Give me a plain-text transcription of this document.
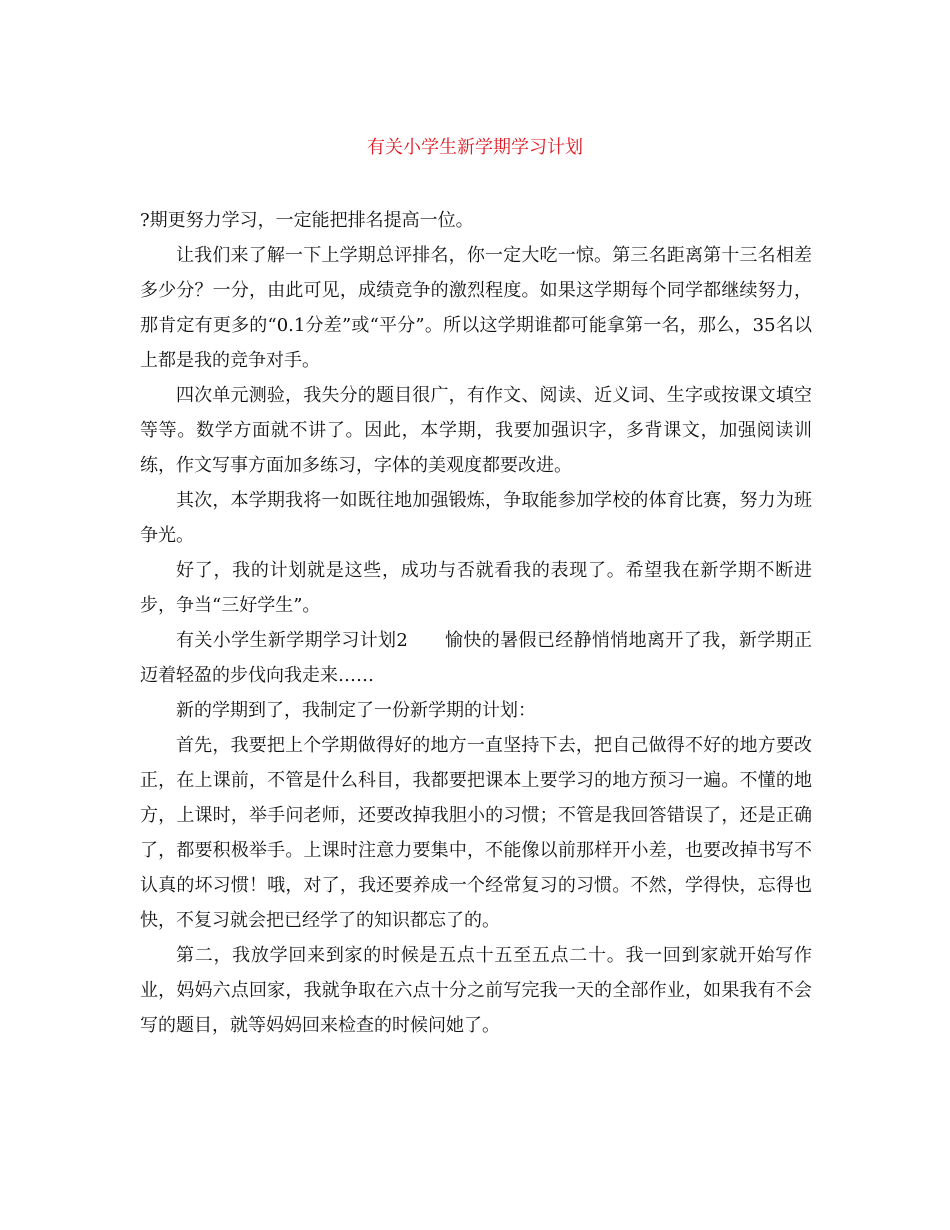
有关小学生新学期学习计划

?期更努力学习，一定能把排名提高一位。

让我们来了解一下上学期总评排名，你一定大吃一惊。第三名距离第十三名相差多少分？一分，由此可见，成绩竞争的激烈程度。如果这学期每个同学都继续努力，那肯定有更多的“0.1分差”或“平分”。所以这学期谁都可能拿第一名，那么，35名以上都是我的竞争对手。

四次单元测验，我失分的题目很广，有作文、阅读、近义词、生字或按课文填空等等。数学方面就不讲了。因此，本学期，我要加强识字，多背课文，加强阅读训练，作文写事方面加多练习，字体的美观度都要改进。

其次，本学期我将一如既往地加强锻炼，争取能参加学校的体育比赛，努力为班争光。

好了，我的计划就是这些，成功与否就看我的表现了。希望我在新学期不断进步，争当“三好学生”。

有关小学生新学期学习计划2　　愉快的暑假已经静悄悄地离开了我，新学期正迈着轻盈的步伐向我走来……

新的学期到了，我制定了一份新学期的计划：

首先，我要把上个学期做得好的地方一直坚持下去，把自己做得不好的地方要改正，在上课前，不管是什么科目，我都要把课本上要学习的地方预习一遍。不懂的地方，上课时，举手问老师，还要改掉我胆小的习惯；不管是我回答错误了，还是正确了，都要积极举手。上课时注意力要集中，不能像以前那样开小差，也要改掉书写不认真的坏习惯！哦，对了，我还要养成一个经常复习的习惯。不然，学得快，忘得也快，不复习就会把已经学了的知识都忘了的。

第二，我放学回来到家的时候是五点十五至五点二十。我一回到家就开始写作业，妈妈六点回家，我就争取在六点十分之前写完我一天的全部作业，如果我有不会写的题目，就等妈妈回来检查的时候问她了。
